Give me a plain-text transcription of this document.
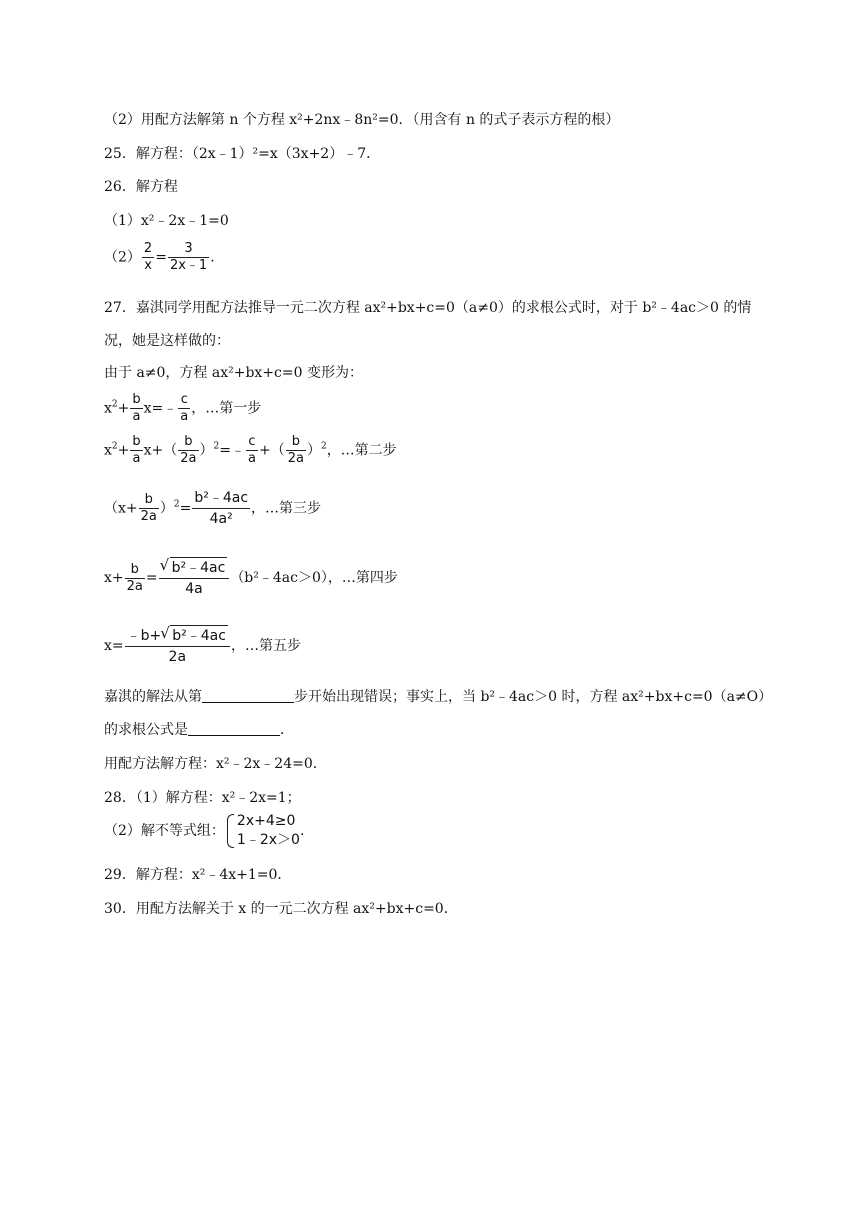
（2）用配方法解第 n 个方程 x²+2nx﹣8n²=0．（用含有 n 的式子表示方程的根）
25．解方程：（2x﹣1）²=x（3x+2）﹣7．
26．解方程
（1）x²﹣2x﹣1=0
$(2) \frac{2}{x} = \frac{3}{2x﹣1}$ .
27．嘉淇同学用配方法推导一元二次方程 ax²+bx+c=0（a≠0）的求根公式时，对于 b²﹣4ac＞0 的情
况，她是这样做的：
由于 a≠0，方程 ax²+bx+c=0 变形为：
$x^2+ \frac{b}{a}$ x=﹣ $\frac{c}{a}$ ，…第一步
$x^2+ \frac{b}{a} x+( \frac{b}{2a}$ ）$^2=﹣ \frac{c}{a}$ +（ $\frac{b}{2a} )^2$，…第二步
$(x+ \frac{b}{2a} )^2= \frac{\text{b²﹣4ac}}{\text{4a²}}$ ，…第三步
$x+ \frac{b}{2a}$ = √ $\frac{\text{b²﹣4ac}}{4a}$ （b²﹣4ac＞0），…第四步
$x= \frac{\text{﹣b+ √ b²﹣4ac}}{2a}$ ，…第五步
嘉淇的解法从第	步开始出现错误；事实上，当 b²﹣4ac＞0 时，方程 ax²+bx+c=0（a≠O）
的求根公式是	．
用配方法解方程：x²﹣2x﹣24=0．
28．（1）解方程：x²﹣2x=1；
（2）解不等式组：
2x+4≥0
1﹣2x＞0
.
29．解方程：x²﹣4x+1=0．
30．用配方法解关于 x 的一元二次方程 ax²+bx+c=0．
